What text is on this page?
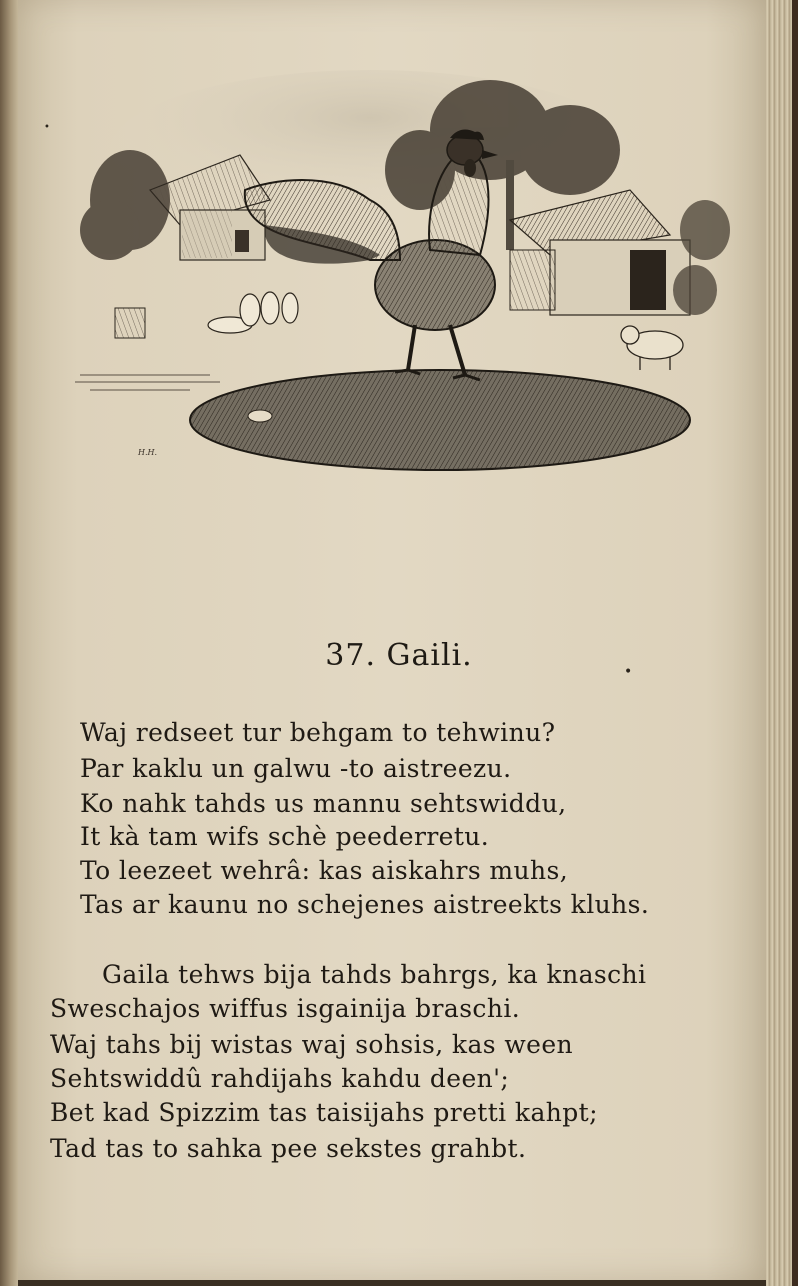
H.H.
37. Gaili.
Waj redseet tur behgam to tehwinu?
Par kaklu un galwu -to aistreezu.
Ko nahk tahds us mannu sehtswiddu,
It kà tam wifs schè peederretu.
To leezeet wehrâ: kas aiskahrs muhs,
Tas ar kaunu no schejenes aistreekts kluhs.
Gaila tehws bija tahds bahrgs, ka knaschi
Sweschajos wiffus isgainija braschi.
Waj tahs bij wistas waj sohsis, kas ween
Sehtswiddû rahdijahs kahdu deen';
Bet kad Spizzim tas taisijahs pretti kahpt;
Tad tas to sahka pee sekstes grahbt.
•
•
